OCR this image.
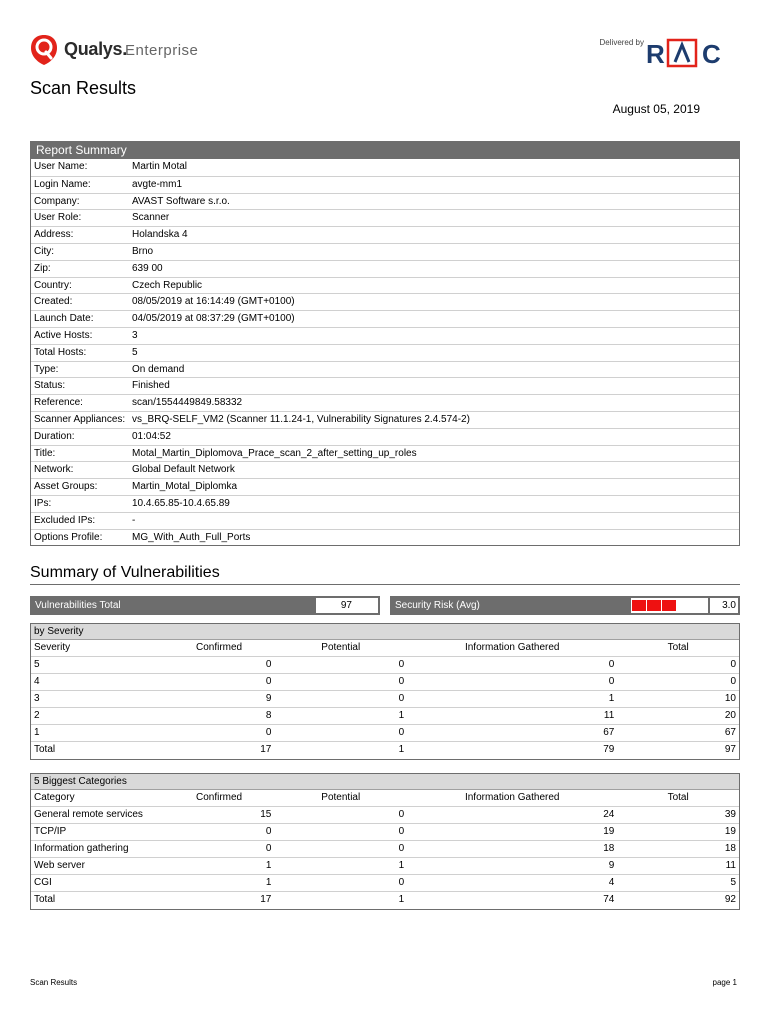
Qualys.
Enterprise	Delivered by R C
Scan Results
August 05, 2019
Report Summary
User Name:	Martin Motal
Login Name:	avgte-mm1
Company:	AVAST Software s.r.o.
User Role:	Scanner
Address:	Holandska 4
City:	Brno
Zip:	639 00
Country:	Czech Republic
Created:	08/05/2019 at 16:14:49 (GMT+0100)
Launch Date:	04/05/2019 at 08:37:29 (GMT+0100)
Active Hosts:	3
Total Hosts:	5
Type:	On demand
Status:	Finished
Reference:	scan/1554449849.58332
Scanner Appliances: vs_BRQ-SELF_VM2 (Scanner 11.1.24-1, Vulnerability Signatures 2.4.574-2)
Duration:	01:04:52
Title:	Motal_Martin_Diplomova_Prace_scan_2_after_setting_up_roles
Network:	Global Default Network
Asset Groups:	Martin_Motal_Diplomka
IPs:	10.4.65.85-10.4.65.89
Excluded IPs:	-
Options Profile:	MG_With_Auth_Full_Ports
Summary of Vulnerabilities
Vulnerabilities Total	97	Security Risk (Avg)	3.0
by Severity
Severity	Confirmed	Potential	Information Gathered	Total
5	0	0	0	0
4	0	0	0	0
3	9	0	1	10
2	8	1	11	20
1	0	0	67	67
Total	17	1	79	97
5 Biggest Categories
Category	Confirmed	Potential	Information Gathered	Total
General remote services	15	0	24	39
TCP/IP	0	0	19	19
Information gathering	0	0	18	18
Web server	1	1	9	11
CGI	1	0	4	5
Total	17	1	74	92
Scan Results	page 1
